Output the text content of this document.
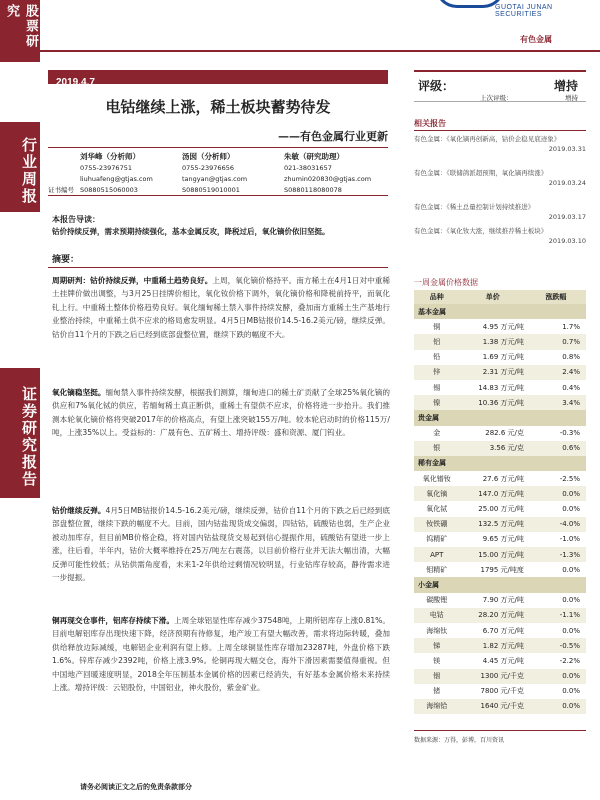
股票研究
行业周报
证券研究报告
GUOTAI JUNAN SECURITIES
有色金属
2019.4.7
电钴继续上涨，稀土板块蓄势待发
——有色金属行业更新
刘华峰（分析师）	汤囡（分析师）	朱敏（研究助理）
0755-23976751	0755-23976656	021-38031657
liuhuafeng@gtjas.com	tangyan@gtjas.com	zhumin020830@gtjas.com
证书编号 S0880515060003	S0880519010001	S0880118080078
本报告导读：
钴价持续反弹，需求预期持续强化，基本金属反攻，降税过后，氧化镝价依旧坚挺。
摘要：
周期研判：钴价持续反弹，中重稀土趋势良好。上周，氧化镝价格持平。南方稀土在4月1日对中重稀土挂牌价做出调整，与3月25日挂牌价相比，氧化钕价格下调外，氧化镝价格和降税前持平，而氧化钆上行。中重稀土整体价格趋势良好。氧化缅甸稀土禁入事件持续发酵，叠加南方重稀土生产基地行业整治持续，中重稀土供不应求的格局愈发明显。4月5日MB钴报价14.5-16.2美元/磅，继续反弹。钴价自11个月的下跌之后已经到底部盘整位置，继续下跌的幅度不大。
氧化镝稳坚挺。缅甸禁入事件持续发酵，根据我们测算，缅甸进口的稀土矿贡献了全球25%氧化镝的供应和7%氧化铽的供应，若缅甸稀土真正断供，重稀土有望供不应求，价格将进一步抬升。我们推测本轮氧化镝价格将突破2017年的价格高点，有望上涨突破155万/吨。较本轮启动时的价格115万/吨，上涨35%以上。受益标的：广晟有色、五矿稀土、增持评级：盛和资源、厦门钨业。
钴价继续反弹。4月5日MB钴报价14.5-16.2美元/磅，继续反弹，钴价自11个月的下跌之后已经到底部盘整位置，继续下跌的幅度不大。目前，国内钴盐现货成交偏弱，四钴钴，硫酸钴也弱，生产企业被动加库存，但目前MB价格企稳，将对国内钴盐现货交易起到信心提振作用，硫酸钴有望进一步上涨，往后看，半年内，钴价大概率维持在25万/吨左右震荡，以目前价格行业并无法大幅出清，大幅反弹可能性较低；从钴供需角度看，未来1-2年供给过剩情况较明显，行业钴库存较高，静待需求进一步提振。
铜再现交仓事件，铝库存持续下滑。上周全球铝显性库存减少37548吨，上期所铝库存上涨0.81%。目前电解铝库存出现快速下降，经济预期有待修复，地产竣工有望大幅改善，需求将边际转暖，叠加供给释放边际减缓，电解铝企业利润有望上修。上周全球铜显性库存增加23287吨，外盘价格下跌1.6%。锌库存减少2392吨，价格上涨3.9%。伦铜再现大幅交仓，海外下滑因素需要值得重视。但中国地产回暖速度明显，2018全年压制基本金属价格的因素已经消失，有好基本金属价格未来持续上涨。增持评级：云铝股份，中国铝业，神火股份，紫金矿业。
请务必阅读正文之后的免责条款部分
评级：	增持
上次评级：	增持
相关报告
有色金属：《氧化镝再创新高，钴价企稳见底迹象》
2019.03.31
有色金属：《联储鸽派超预期，氧化镝再续涨》
2019.03.24
有色金属：《稀土总量控制计划持续推进》
2019.03.17
有色金属：《氧化钕大涨，继续推荐稀土板块》
2019.03.10
一周金属价格数据
品种	单价	涨跌幅
基本金属		
铜	4.95 万元/吨	1.7%
铝	1.38 万元/吨	0.7%
铅	1.69 万元/吨	0.8%
锌	2.31 万元/吨	2.4%
锡	14.83 万元/吨	0.4%
镍	10.36 万元/吨	3.4%
贵金属		
金	282.6 元/克	-0.3%
银	3.56 元/克	0.6%
稀有金属		
氧化镨钕	27.6 万元/吨	-2.5%
氧化镝	147.0 万元/吨	0.0%
氧化铽	25.00 万元/吨	0.0%
钕铁硼	132.5 万元/吨	-4.0%
钨精矿	9.65 万元/吨	-1.0%
APT	15.00 万元/吨	-1.3%
钼精矿	1795 元/吨度	0.0%
小金属		
碳酸锂	7.90 万元/吨	0.0%
电钴	28.20 万元/吨	-1.1%
海绵钛	6.70 万元/吨	0.0%
锑	1.82 万元/吨	-0.5%
镁	4.45 万元/吨	-2.2%
铟	1300 元/千克	0.0%
锗	7800 元/千克	0.0%
海绵铪	1640 元/千克	0.0%
数据来源：万得，彭博，百川资讯
